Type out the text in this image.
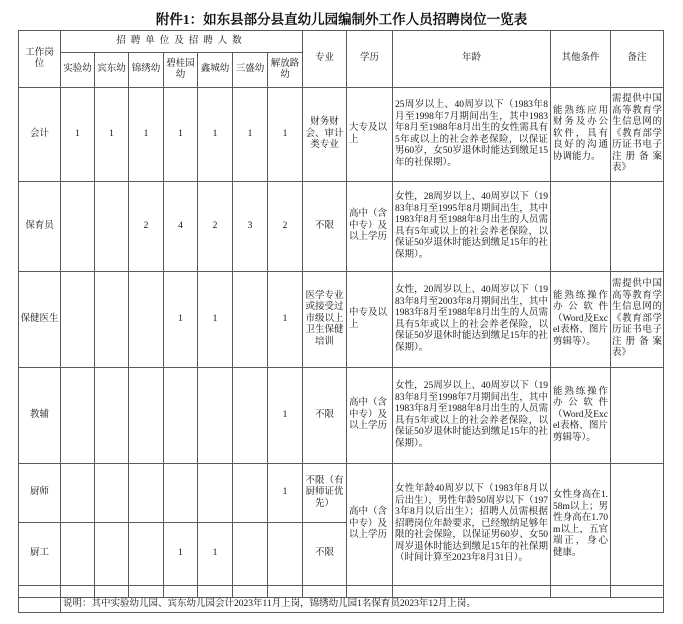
附件1：如东县部分县直幼儿园编制外工作人员招聘岗位一览表
工作岗位	招聘单位及招聘人数							专业	学历	年龄	其他条件	备注
	实验幼	宾东幼	锦绣幼	碧桂园幼	鑫城幼	三盛幼	解放路幼					
会计	1	1	1	1	1	1	1	财务财会、审计类专业	大专及以上	25周岁以上、40周岁以下（1983年8月至1998年7月期间出生，其中1983年8月至1988年8月出生的女性需具有5年或以上的社会养老保险，以保证男60岁，女50岁退休时能达到缴足15年的社保期）。	能熟练应用财务及办公软件，具有良好的沟通协调能力。	需提供中国高等教育学生信息网的《教育部学历证书电子注册备案表》
保育员			2	4	2	3	2	不限	高中（含中专）及以上学历	女性，28周岁以上、40周岁以下（1983年8月至1995年8月期间出生，其中1983年8月至1988年8月出生的人员需具有5年或以上的社会养老保险，以保证50岁退休时能达到缴足15年的社保期）。		
保健医生				1	1		1	医学专业或接受过市级以上卫生保健培训	中专及以上	女性，20周岁以上、40周岁以下（1983年8月至2003年8月期间出生，其中1983年8月至1988年8月出生的人员需具有5年或以上的社会养老保险，以保证50岁退休时能达到缴足15年的社保期）。	能熟练操作办公软件（Word及Excel表格、图片剪辑等）。	需提供中国高等教育学生信息网的《教育部学历证书电子注册备案表》
教辅							1	不限	高中（含中专）及以上学历	女性，25周岁以上、40周岁以下（1983年8月至1998年7月期间出生，其中1983年8月至1988年8月出生的人员需具有5年或以上的社会养老保险，以保证50岁退休时能达到缴足15年的社保期）。	能熟练操作办公软件（Word及Excel表格、图片剪辑等）。	
厨师							1	不限（有厨师证优先）	高中（含中专）及以上学历	女性年龄40周岁以下（1983年8月以后出生），男性年龄50周岁以下（1973年8月以后出生）；招聘人员需根据招聘岗位年龄要求，已经缴纳足够年限的社会保险，以保证男60岁、女50周岁退休时能达到缴足15年的社保期（时间计算至2023年8月31日）。	女性身高在1.58m以上；男性身高在1.70m以上，五官端正，身心健康。	
厨工				1	1			不限				

	说明：其中实验幼儿园、宾东幼儿园会计2023年11月上岗，锦绣幼儿园1名保育员2023年12月上岗。											
